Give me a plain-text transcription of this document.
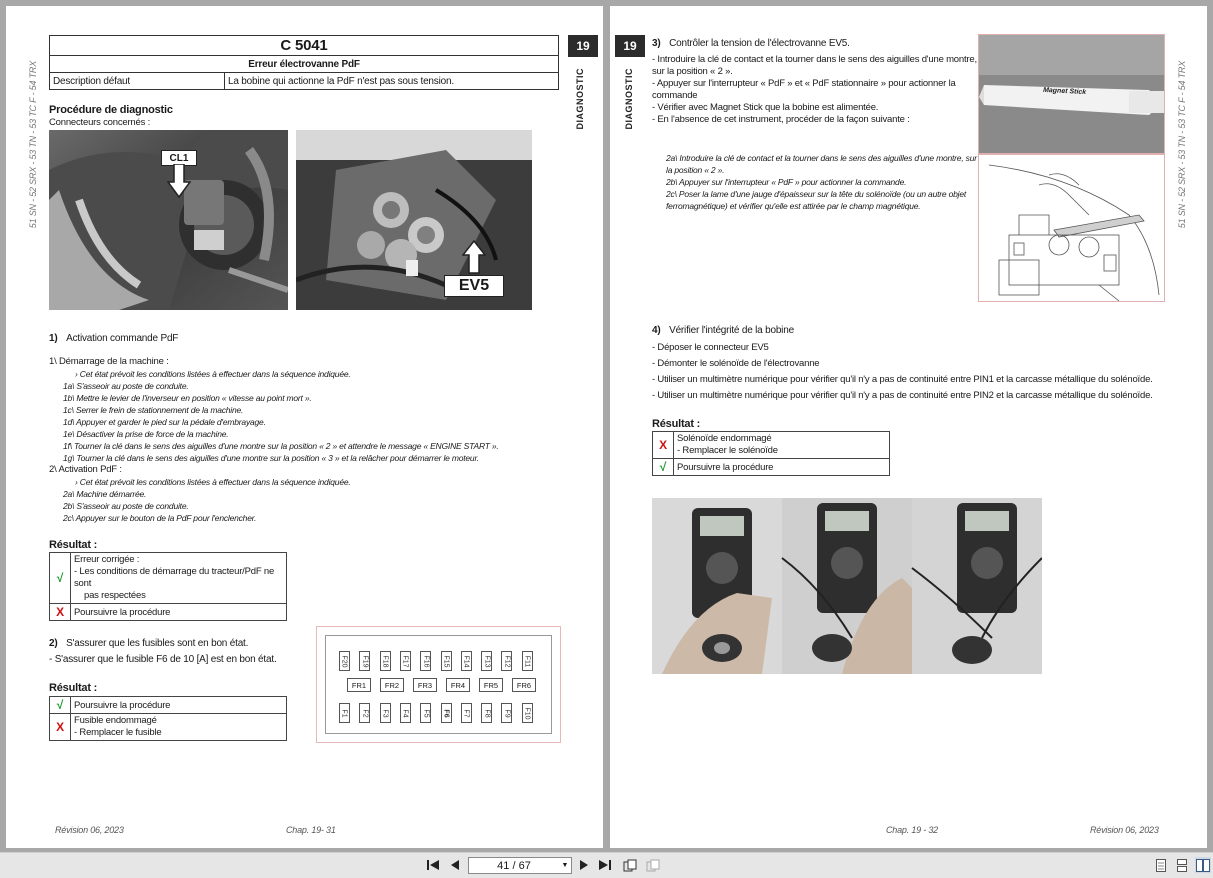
51 SN - 52 SRX - 53 TN - 53 TC F - 54 TRX
19
DIAGNOSTIC
C 5041
Erreur électrovanne PdF
Description défaut	La bobine qui actionne la PdF n'est pas sous tension.
Procédure de diagnostic
Connecteurs concernés :
CL1
EV5
1) Activation commande PdF
1\ Démarrage de la machine :
› Cet état prévoit les conditions listées à effectuer dans la séquence indiquée.
1a\ S'asseoir au poste de conduite.
1b\ Mettre le levier de l'inverseur en position « vitesse au point mort ».
1c\ Serrer le frein de stationnement de la machine.
1d\ Appuyer et garder le pied sur la pédale d'embrayage.
1e\ Désactiver la prise de force de la machine.
1f\ Tourner la clé dans le sens des aiguilles d'une montre sur la position « 2 » et attendre le message « ENGINE START ».
1g\ Tourner la clé dans le sens des aiguilles d'une montre sur la position « 3 » et la relâcher pour démarrer le moteur.
2\ Activation PdF :
› Cet état prévoit les conditions listées à effectuer dans la séquence indiquée.
2a\ Machine démarrée.
2b\ S'asseoir au poste de conduite.
2c\ Appuyer sur le bouton de la PdF pour l'enclencher.
Résultat :
√	Erreur corrigée :
- Les conditions de démarrage du tracteur/PdF ne sont
pas respectées

X	Poursuivre la procédure
2) S'assurer que les fusibles sont en bon état.
- S'assurer que le fusible F6 de 10 [A] est en bon état.
Résultat :
√	Poursuivre la procédure
X	Fusible endommagé
- Remplacer le fusible
F20 F19 F18 F17 F16 F15 F14 F13 F12 F11
F1 F2 F3 F4 F5 F6 F7 F8 F9 F10
FR1	FR2	FR3	FR4	FR5	FR6
Révision 06, 2023	Chap. 19- 31
19
DIAGNOSTIC	51 SN - 52 SRX - 53 TN - 53 TC F - 54 TRX
3) Contrôler la tension de l'électrovanne EV5.
- Introduire la clé de contact et la tourner dans le sens des aiguilles d'une montre,
sur la position « 2 ».
- Appuyer sur l'interrupteur « PdF » et « PdF stationnaire » pour actionner la
commande
- Vérifier avec Magnet Stick que la bobine est alimentée.
- En l'absence de cet instrument, procéder de la façon suivante :
2a\ Introduire la clé de contact et la tourner dans le sens des aiguilles d'une montre, sur
la position « 2 ».
2b\ Appuyer sur l'interrupteur « PdF » pour actionner la commande.
2c\ Poser la lame d'une jauge d'épaisseur sur la tête du solénoïde (ou un autre objet
ferromagnétique) et vérifier qu'elle est attirée par le champ magnétique.
Magnet Stick
4) Vérifier l'intégrité de la bobine
- Déposer le connecteur EV5
- Démonter le solénoïde de l'électrovanne
- Utiliser un multimètre numérique pour vérifier qu'il n'y a pas de continuité entre PIN1 et la carcasse métallique du solénoïde.
- Utiliser un multimètre numérique pour vérifier qu'il n'y a pas de continuité entre PIN2 et la carcasse métallique du solénoïde.
Résultat :
X	Solénoïde endommagé
- Remplacer le solénoïde

√	Poursuivre la procédure
Chap. 19 - 32	Révision 06, 2023
41 / 67	▼
